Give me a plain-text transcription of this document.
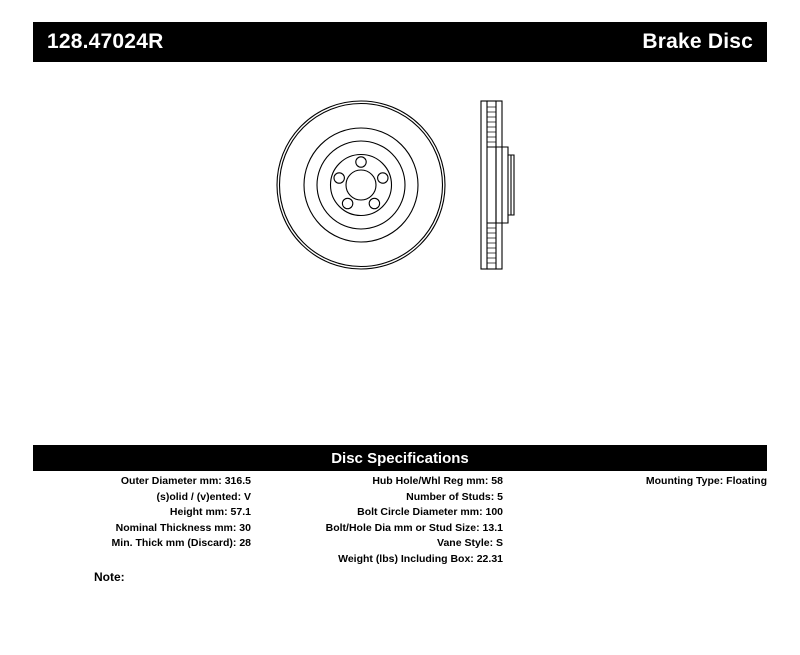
128.47024R	Brake Disc
Disc Specifications
Outer Diameter mm: 316.5
(s)olid / (v)ented: V
Height mm: 57.1
Nominal Thickness mm: 30
Min. Thick mm (Discard): 28
Hub Hole/Whl Reg mm: 58
Number of Studs: 5
Bolt Circle Diameter mm: 100
Bolt/Hole Dia mm or Stud Size: 13.1
Vane Style: S
Weight (lbs) Including Box: 22.31
Mounting Type: Floating
Note:
